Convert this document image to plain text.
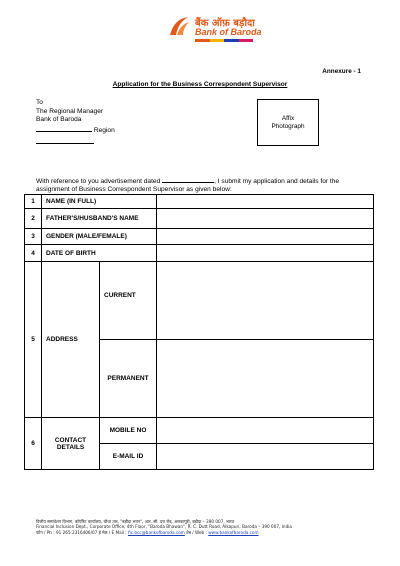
बैंक ऑफ़ बड़ौदा
Bank of Baroda
Annexure - 1
Application for the Business Correspondent Supervisor
To
The Regional Manager
Bank of Baroda
Region
Affix
Photograph
With reference to you advertisement dated	, I submit my application and details for the assignment of Business Correspondent Supervisor as given below:
1	NAME (IN FULL)		
2	FATHER'S/HUSBAND'S NAME		
3	GENDER (MALE/FEMALE)		
4	DATE OF BIRTH		
5	ADDRESS	CURRENT	
		PERMANENT	
6	CONTACT DETAILS	MOBILE NO	
		E-MAIL ID	
वित्तीय समावेशन विभाग, कॉर्पोरेट कार्यालय, चौथा तल, "बड़ौदा भवन", आर. सी. दत्त रोड, अलकापुरी, बड़ौदा – 390 007, भारत
Financial Inclusion Dept., Corporate Office, 4th Floor, "Baroda Bhawan", R. C. Dutt Road, Alkapuri, Baroda – 390 007, India
फोन / Ph : 91 265 2316406/07 ई मेल / E Mail : fic.bcc@bankofbaroda.com वेब / Web : www.bankofbaroda.com
